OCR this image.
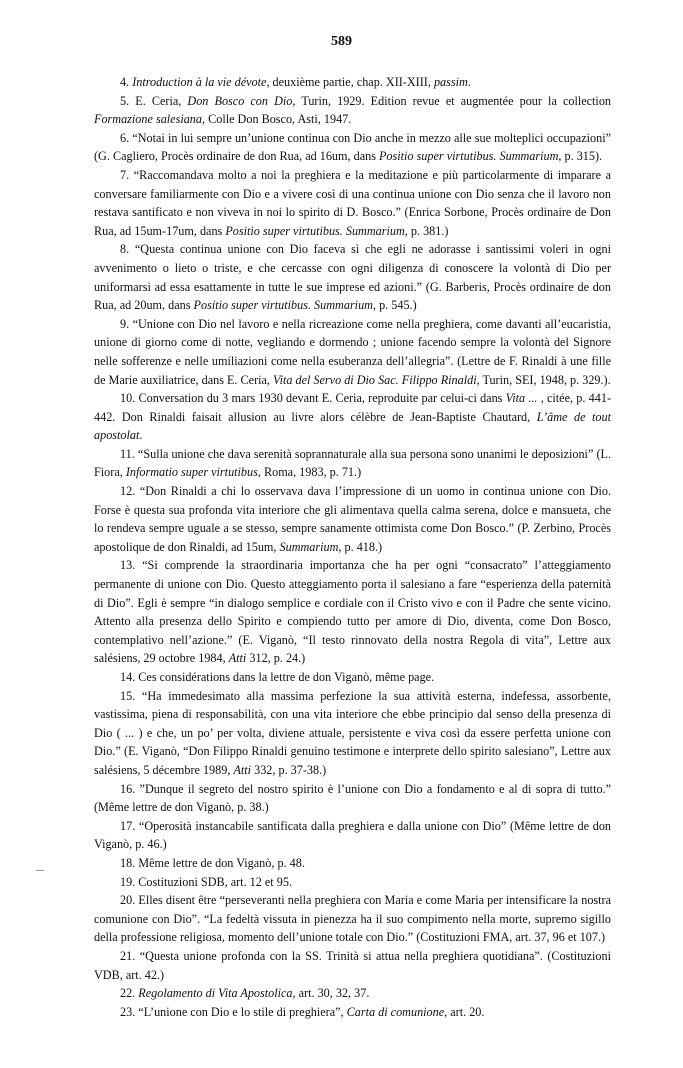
589

4. Introduction à la vie dévote, deuxième partie, chap. XII-XIII, passim.

5. E. Ceria, Don Bosco con Dio, Turin, 1929. Edition revue et augmentée pour la collection Formazione salesiana, Colle Don Bosco, Asti, 1947.

6. “Notai in lui sempre un’unione continua con Dio anche in mezzo alle sue molteplici occupazioni” (G. Cagliero, Procès ordinaire de don Rua, ad 16um, dans Positio super virtutibus. Summarium, p. 315).

7. “Raccomandava molto a noi la preghiera e la meditazione e più particolarmente di imparare a conversare familiarmente con Dio e a vivere così di una continua unione con Dio senza che il lavoro non restava santificato e non viveva in noi lo spirito di D. Bosco.” (Enrica Sorbone, Procès ordinaire de Don Rua, ad 15um-17um, dans Positio super virtutibus. Summarium, p. 381.)

8. “Questa continua unione con Dio faceva sì che egli ne adorasse i santissimi voleri in ogni avvenimento o lieto o triste, e che cercasse con ogni diligenza di conoscere la volontà di Dio per uniformarsi ad essa esattamente in tutte le sue imprese ed azioni.” (G. Barberis, Procès ordinaire de don Rua, ad 20um, dans Positio super virtutibus. Summarium, p. 545.)

9. “Unione con Dio nel lavoro e nella ricreazione come nella preghiera, come davanti all’eucaristia, unione di giorno come di notte, vegliando e dormendo ; unione facendo sempre la volontà del Signore nelle sofferenze e nelle umiliazioni come nella esuberanza dell’allegria”. (Lettre de F. Rinaldi à une fille de Marie auxiliatrice, dans E. Ceria, Vita del Servo di Dio Sac. Filippo Rinaldi, Turin, SEI, 1948, p. 329.).

10. Conversation du 3 mars 1930 devant E. Ceria, reproduite par celui-ci dans Vita ... , citée, p. 441-442. Don Rinaldi faisait allusion au livre alors célèbre de Jean-Baptiste Chautard, L’âme de tout apostolat.

11. “Sulla unione che dava serenità soprannaturale alla sua persona sono unanimi le deposizioni” (L. Fiora, Informatio super virtutibus, Roma, 1983, p. 71.)

12. “Don Rinaldi a chi lo osservava dava l’impressione di un uomo in continua unione con Dio. Forse è questa sua profonda vita interiore che gli alimentava quella calma serena, dolce e mansueta, che lo rendeva sempre uguale a se stesso, sempre sanamente ottimista come Don Bosco.” (P. Zerbino, Procès apostolique de don Rinaldi, ad 15um, Summarium, p. 418.)

13. “Si comprende la straordinaria importanza che ha per ogni “consacrato” l’atteggiamento permanente di unione con Dio. Questo atteggiamento porta il salesiano a fare “esperienza della paternità di Dio”. Egli è sempre “in dialogo semplice e cordiale con il Cristo vivo e con il Padre che sente vicino. Attento alla presenza dello Spirito e compiendo tutto per amore di Dio, diventa, come Don Bosco, contemplativo nell’azione.” (E. Viganò, “Il testo rinnovato della nostra Regola di vita”, Lettre aux salésiens, 29 octobre 1984, Atti 312, p. 24.)

14. Ces considérations dans la lettre de don Viganò, même page.

15. “Ha immedesimato alla massima perfezione la sua attività esterna, indefessa, assorbente, vastissima, piena di responsabilità, con una vita interiore che ebbe principio dal senso della presenza di Dio ( ... ) e che, un po’ per volta, diviene attuale, persistente e viva così da essere perfetta unione con Dio.” (E. Viganò, “Don Filippo Rinaldi genuino testimone e interprete dello spirito salesiano”, Lettre aux salésiens, 5 décembre 1989, Atti 332, p. 37-38.)

16. ”Dunque il segreto del nostro spirito è l’unione con Dio a fondamento e al di sopra di tutto.” (Même lettre de don Viganò, p. 38.)

17. “Operosità instancabile santificata dalla preghiera e dalla unione con Dio” (Même lettre de don Viganò, p. 46.)

18. Même lettre de don Viganò, p. 48.

19. Costituzioni SDB, art. 12 et 95.

20. Elles disent être “perseveranti nella preghiera con Maria e come Maria per intensificare la nostra comunione con Dio”. “La fedeltà vissuta in pienezza ha il suo compimento nella morte, supremo sigillo della professione religiosa, momento dell’unione totale con Dio.” (Costituzioni FMA, art. 37, 96 et 107.)

21. “Questa unione profonda con la SS. Trinità si attua nella preghiera quotidiana”. (Costituzioni VDB, art. 42.)

22. Regolamento di Vita Apostolica, art. 30, 32, 37.

23. “L’unione con Dio e lo stile di preghiera”, Carta di comunione, art. 20.
